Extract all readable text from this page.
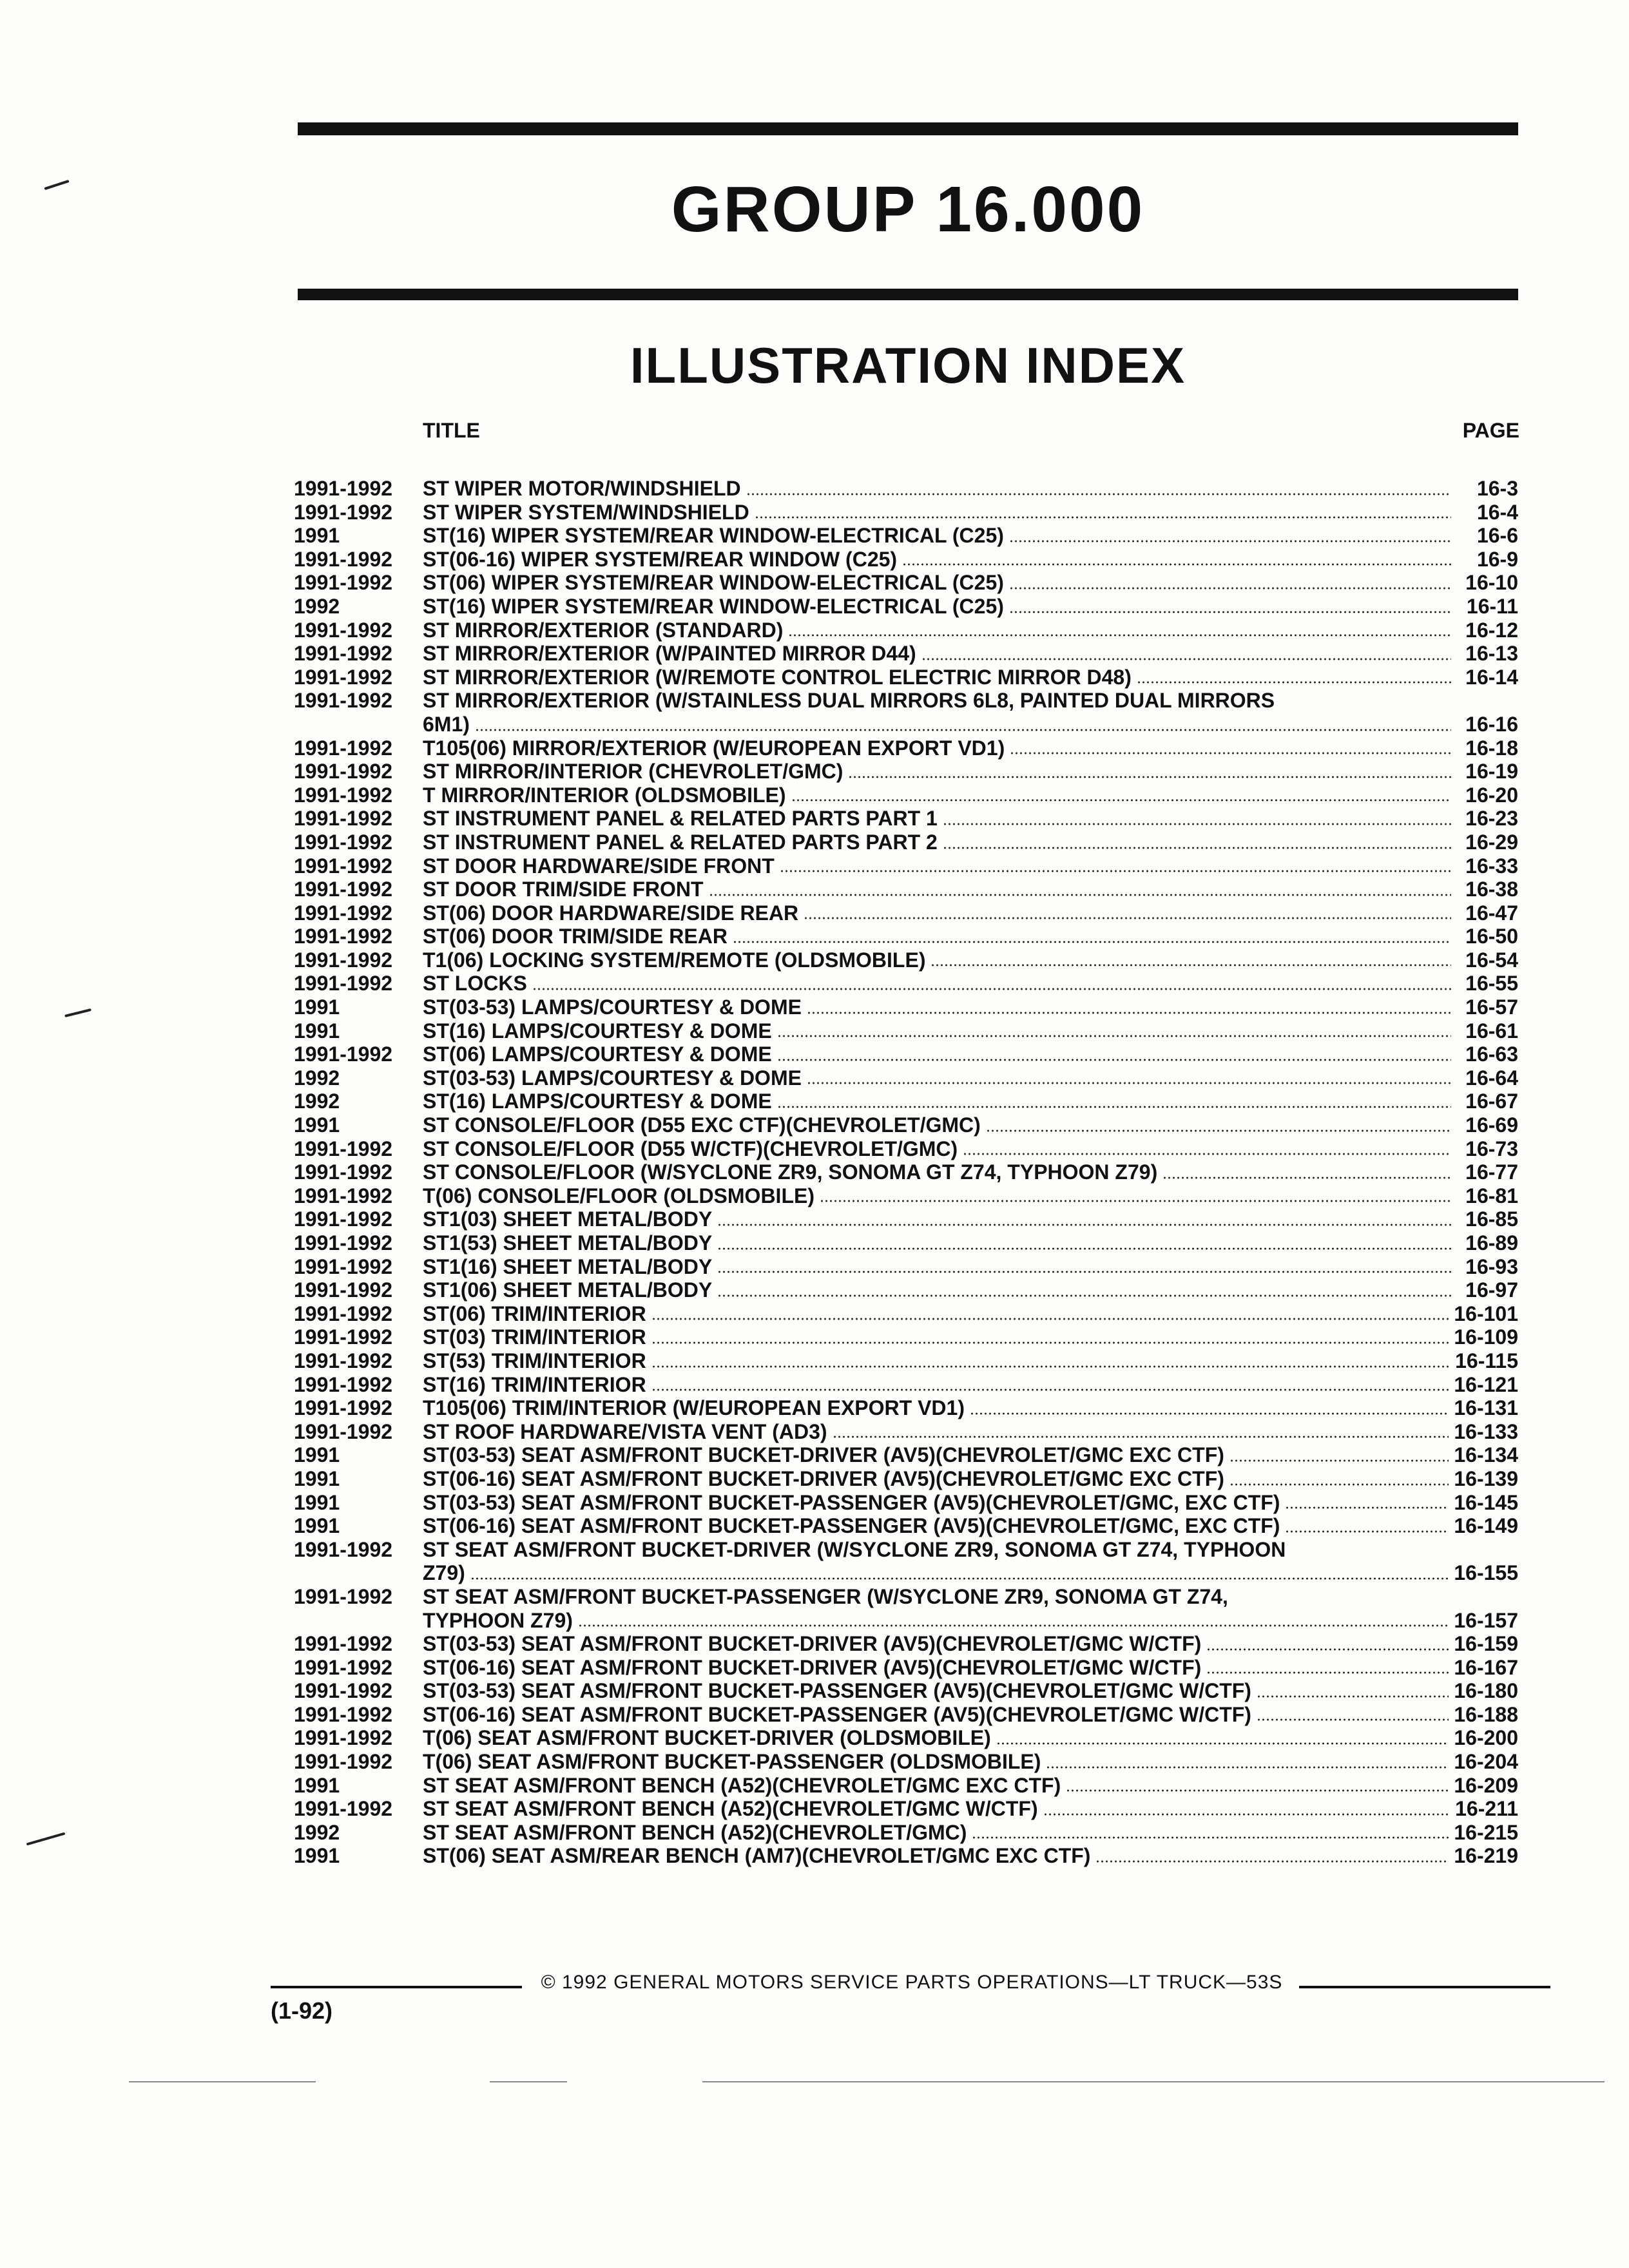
GROUP 16.000
ILLUSTRATION INDEX
TITLE	PAGE
1991-1992	ST WIPER MOTOR/WINDSHIELD	16-3
1991-1992	ST WIPER SYSTEM/WINDSHIELD	16-4
1991	ST(16) WIPER SYSTEM/REAR WINDOW-ELECTRICAL (C25)	16-6
1991-1992	ST(06-16) WIPER SYSTEM/REAR WINDOW (C25)	16-9
1991-1992	ST(06) WIPER SYSTEM/REAR WINDOW-ELECTRICAL (C25)	16-10
1992	ST(16) WIPER SYSTEM/REAR WINDOW-ELECTRICAL (C25)	16-11
1991-1992	ST MIRROR/EXTERIOR (STANDARD)	16-12
1991-1992	ST MIRROR/EXTERIOR (W/PAINTED MIRROR D44)	16-13
1991-1992	ST MIRROR/EXTERIOR (W/REMOTE CONTROL ELECTRIC MIRROR D48)	16-14
1991-1992	ST MIRROR/EXTERIOR (W/STAINLESS DUAL MIRRORS 6L8, PAINTED DUAL MIRRORS
6M1)	16-16
1991-1992	T105(06) MIRROR/EXTERIOR (W/EUROPEAN EXPORT VD1)	16-18
1991-1992	ST MIRROR/INTERIOR (CHEVROLET/GMC)	16-19
1991-1992	T MIRROR/INTERIOR (OLDSMOBILE)	16-20
1991-1992	ST INSTRUMENT PANEL & RELATED PARTS PART 1	16-23
1991-1992	ST INSTRUMENT PANEL & RELATED PARTS PART 2	16-29
1991-1992	ST DOOR HARDWARE/SIDE FRONT	16-33
1991-1992	ST DOOR TRIM/SIDE FRONT	16-38
1991-1992	ST(06) DOOR HARDWARE/SIDE REAR	16-47
1991-1992	ST(06) DOOR TRIM/SIDE REAR	16-50
1991-1992	T1(06) LOCKING SYSTEM/REMOTE (OLDSMOBILE)	16-54
1991-1992	ST LOCKS	16-55
1991	ST(03-53) LAMPS/COURTESY & DOME	16-57
1991	ST(16) LAMPS/COURTESY & DOME	16-61
1991-1992	ST(06) LAMPS/COURTESY & DOME	16-63
1992	ST(03-53) LAMPS/COURTESY & DOME	16-64
1992	ST(16) LAMPS/COURTESY & DOME	16-67
1991	ST CONSOLE/FLOOR (D55 EXC CTF)(CHEVROLET/GMC)	16-69
1991-1992	ST CONSOLE/FLOOR (D55 W/CTF)(CHEVROLET/GMC)	16-73
1991-1992	ST CONSOLE/FLOOR (W/SYCLONE ZR9, SONOMA GT Z74, TYPHOON Z79)	16-77
1991-1992	T(06) CONSOLE/FLOOR (OLDSMOBILE)	16-81
1991-1992	ST1(03) SHEET METAL/BODY	16-85
1991-1992	ST1(53) SHEET METAL/BODY	16-89
1991-1992	ST1(16) SHEET METAL/BODY	16-93
1991-1992	ST1(06) SHEET METAL/BODY	16-97
1991-1992	ST(06) TRIM/INTERIOR	16-101
1991-1992	ST(03) TRIM/INTERIOR	16-109
1991-1992	ST(53) TRIM/INTERIOR	16-115
1991-1992	ST(16) TRIM/INTERIOR	16-121
1991-1992	T105(06) TRIM/INTERIOR (W/EUROPEAN EXPORT VD1)	16-131
1991-1992	ST ROOF HARDWARE/VISTA VENT (AD3)	16-133
1991	ST(03-53) SEAT ASM/FRONT BUCKET-DRIVER (AV5)(CHEVROLET/GMC EXC CTF)	16-134
1991	ST(06-16) SEAT ASM/FRONT BUCKET-DRIVER (AV5)(CHEVROLET/GMC EXC CTF)	16-139
1991	ST(03-53) SEAT ASM/FRONT BUCKET-PASSENGER (AV5)(CHEVROLET/GMC, EXC CTF)	16-145
1991	ST(06-16) SEAT ASM/FRONT BUCKET-PASSENGER (AV5)(CHEVROLET/GMC, EXC CTF)	16-149
1991-1992	ST SEAT ASM/FRONT BUCKET-DRIVER (W/SYCLONE ZR9, SONOMA GT Z74, TYPHOON
Z79)	16-155
1991-1992	ST SEAT ASM/FRONT BUCKET-PASSENGER (W/SYCLONE ZR9, SONOMA GT Z74,
TYPHOON Z79)	16-157
1991-1992	ST(03-53) SEAT ASM/FRONT BUCKET-DRIVER (AV5)(CHEVROLET/GMC W/CTF)	16-159
1991-1992	ST(06-16) SEAT ASM/FRONT BUCKET-DRIVER (AV5)(CHEVROLET/GMC W/CTF)	16-167
1991-1992	ST(03-53) SEAT ASM/FRONT BUCKET-PASSENGER (AV5)(CHEVROLET/GMC W/CTF)	16-180
1991-1992	ST(06-16) SEAT ASM/FRONT BUCKET-PASSENGER (AV5)(CHEVROLET/GMC W/CTF)	16-188
1991-1992	T(06) SEAT ASM/FRONT BUCKET-DRIVER (OLDSMOBILE)	16-200
1991-1992	T(06) SEAT ASM/FRONT BUCKET-PASSENGER (OLDSMOBILE)	16-204
1991	ST SEAT ASM/FRONT BENCH (A52)(CHEVROLET/GMC EXC CTF)	16-209
1991-1992	ST SEAT ASM/FRONT BENCH (A52)(CHEVROLET/GMC W/CTF)	16-211
1992	ST SEAT ASM/FRONT BENCH (A52)(CHEVROLET/GMC)	16-215
1991	ST(06) SEAT ASM/REAR BENCH (AM7)(CHEVROLET/GMC EXC CTF)	16-219
© 1992 GENERAL MOTORS SERVICE PARTS OPERATIONS—LT TRUCK—53S
(1-92)
